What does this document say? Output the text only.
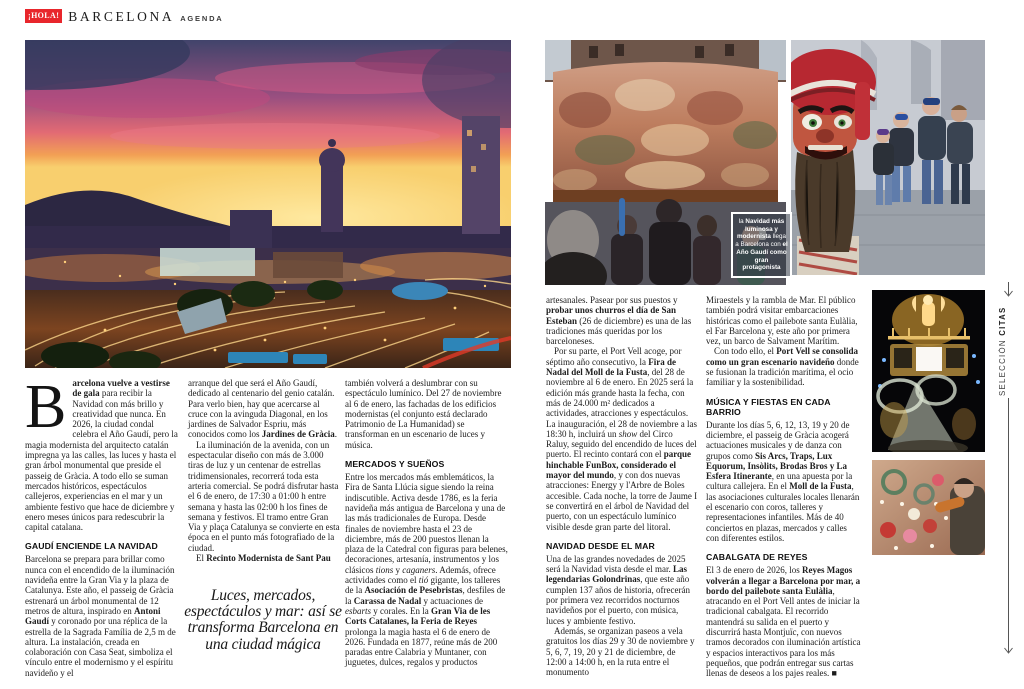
¡HOLA! BARCELONA AGENDA
la Navidad más luminosa y modernista llega a Barcelona con el Año Gaudí como gran protagonista

Barcelona vuelve a vestirse de gala para recibir la Navidad con más brillo y creatividad que nunca. En 2026, la ciudad condal celebra el Año Gaudí, pero la magia modernista del arquitecto catalán impregna ya las calles, las luces y hasta el gran árbol monumental que preside el passeig de Gràcia. A todo ello se suman mercados históricos, espectáculos callejeros, experiencias en el mar y un ambiente festivo que hace de diciembre y enero meses únicos para redescubrir la capital catalana.

GAUDÍ ENCIENDE LA NAVIDAD

Barcelona se prepara para brillar como nunca con el encendido de la iluminación navideña entre la Gran Via y la plaza de Catalunya. Este año, el passeig de Gràcia estrenará un árbol monumental de 12 metros de altura, inspirado en Antoni Gaudí y coronado por una réplica de la estrella de la Sagrada Família de 2,5 m de altura. La instalación, creada en colaboración con Casa Seat, simboliza el vínculo entre el modernismo y el espíritu navideño y el

arranque del que será el Año Gaudí, dedicado al centenario del genio catalán. Para verlo bien, hay que acercarse al cruce con la avinguda Diagonal, en los jardines de Salvador Espriu, más conocidos como los Jardines de Gràcia.

La iluminación de la avenida, con un espectacular diseño con más de 3.000 tiras de luz y un centenar de estrellas tridimensionales, recorrerá toda esta arteria comercial. Se podrá disfrutar hasta el 6 de enero, de 17:30 a 01:00 h entre semana y hasta las 02:00 h los fines de semana y festivos. El tramo entre Gran Via y plaça Catalunya se convierte en esta época en el punto más fotografiado de la ciudad.

El Recinto Modernista de Sant Pau

Luces, mercados, espectáculos y mar: así se transforma Barcelona en una ciudad mágica

también volverá a deslumbrar con su espectáculo lumínico. Del 27 de noviembre al 6 de enero, las fachadas de los edificios modernistas (el conjunto está declarado Patrimonio de La Humanidad) se transforman en un escenario de luces y música.

MERCADOS Y SUEÑOS

Entre los mercados más emblemáticos, la Fira de Santa Llúcia sigue siendo la reina indiscutible. Activa desde 1786, es la feria navideña más antigua de Barcelona y una de las más tradicionales de Europa. Desde finales de noviembre hasta el 23 de diciembre, más de 200 puestos llenan la plaza de la Catedral con figuras para belenes, decoraciones, artesanía, instrumentos y los clásicos tions y caganers. Además, ofrece actividades como el tió gigante, los talleres de la Asociación de Pesebristas, desfiles de la Carassa de Nadal y actuaciones de esbarts y corales. En la Gran Via de les Corts Catalanes, la Feria de Reyes prolonga la magia hasta el 6 de enero de 2026. Fundada en 1877, reúne más de 200 paradas entre Calabria y Muntaner, con juguetes, dulces, regalos y productos

artesanales. Pasear por sus puestos y probar unos churros el día de San Esteban (26 de diciembre) es una de las tradiciones más queridas por los barceloneses.

Por su parte, el Port Vell acoge, por séptimo año consecutivo, la Fira de Nadal del Moll de la Fusta, del 28 de noviembre al 6 de enero. En 2025 será la edición más grande hasta la fecha, con más de 24.000 m² dedicados a actividades, atracciones y espectáculos. La inauguración, el 28 de noviembre a las 18:30 h, incluirá un show del Circo Raluy, seguido del encendido de luces del puerto. El recinto contará con el parque hinchable FunBox, considerado el mayor del mundo, y con dos nuevas atracciones: Energy y l'Arbre de Boles accesible. Cada noche, la torre de Jaume I se convertirá en el árbol de Navidad del puerto, con un espectáculo lumínico visible desde gran parte del litoral.

NAVIDAD DESDE EL MAR

Una de las grandes novedades de 2025 será la Navidad vista desde el mar. Las legendarias Golondrinas, que este año cumplen 137 años de historia, ofrecerán por primera vez recorridos nocturnos navideños por el puerto, con música, luces y ambiente festivo.

Además, se organizan paseos a vela gratuitos los días 29 y 30 de noviembre y 5, 6, 7, 19, 20 y 21 de diciembre, de 12:00 a 14:00 h, en la ruta entre el monumento

Miraestels y la rambla de Mar. El público también podrá visitar embarcaciones históricas como el pailebote santa Eulàlia, el Far Barcelona y, este año por primera vez, un barco de Salvament Marítim.

Con todo ello, el Port Vell se consolida como un gran escenario navideño donde se fusionan la tradición marítima, el ocio familiar y la sostenibilidad.

MÚSICA Y FIESTAS EN CADA BARRIO

Durante los días 5, 6, 12, 13, 19 y 20 de diciembre, el passeig de Gràcia acogerá actuaciones musicales y de danza con grupos como Sis Arcs, Traps, Lux Equorum, Insòlits, Brodas Bros y La Esfera Itinerante, en una apuesta por la cultura callejera. En el Moll de la Fusta, las asociaciones culturales locales llenarán el escenario con coros, talleres y representaciones infantiles. Más de 40 conciertos en plazas, mercados y calles con diferentes estilos.

CABALGATA DE REYES

El 3 de enero de 2026, los Reyes Magos volverán a llegar a Barcelona por mar, a bordo del pailebote santa Eulàlia, atracando en el Port Vell antes de iniciar la tradicional cabalgata. El recorrido mantendrá su salida en el puerto y discurrirá hasta Montjuïc, con nuevos tramos decorados con iluminación artística y espacios interactivos para los más pequeños, que podrán entregar sus cartas llenas de deseos a los pajes reales. ■

SELECCIÓN CITAS
